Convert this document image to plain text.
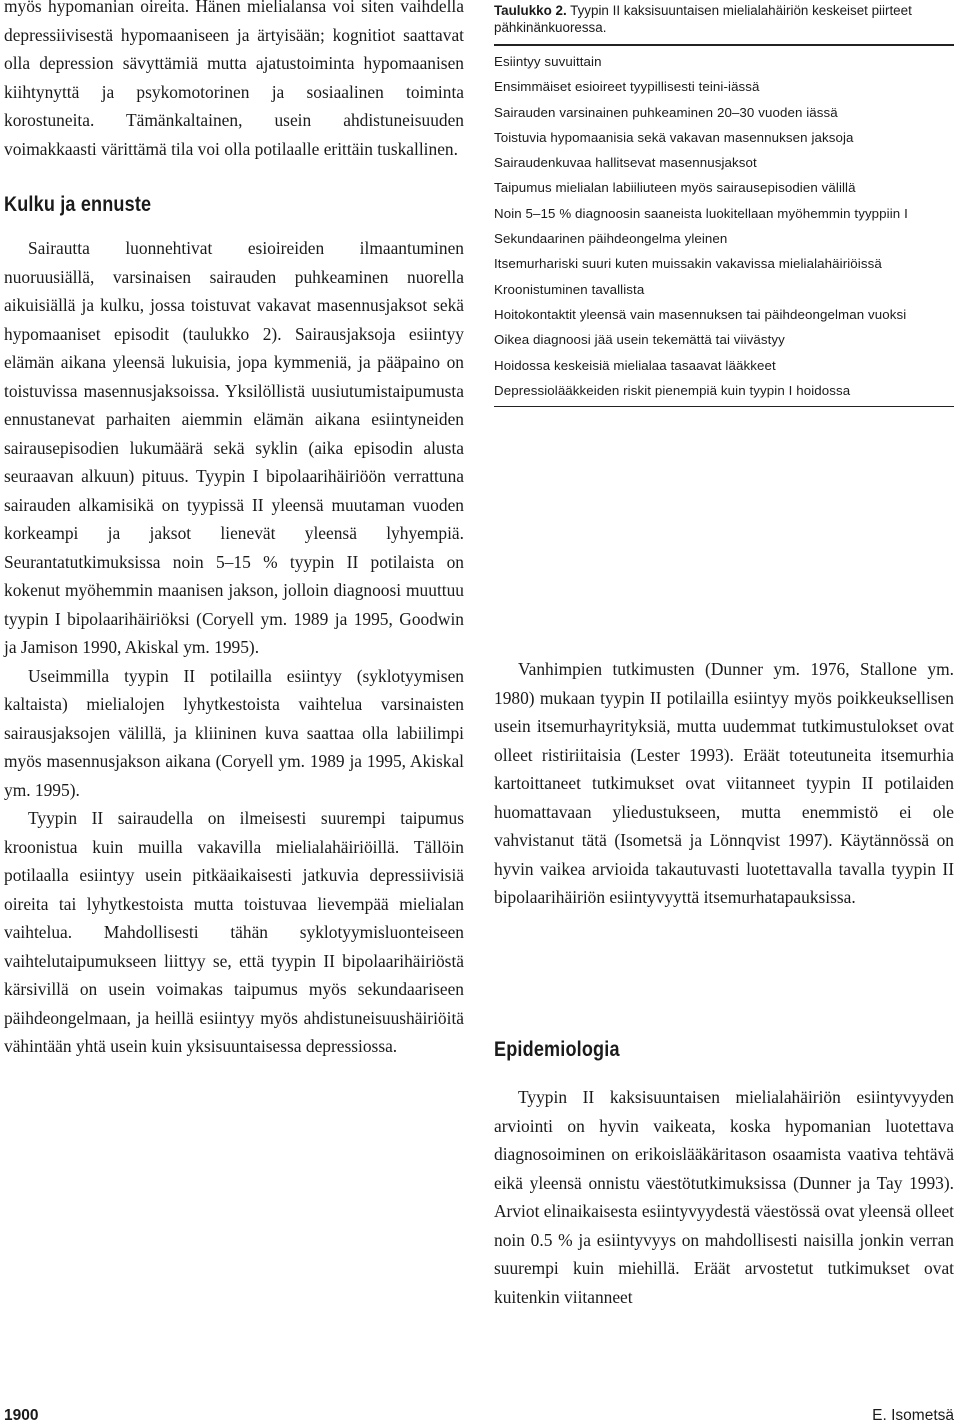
myös hypomanian oireita. Hänen mielialansa voi siten vaihdella depressiivisestä hypomaaniseen ja ärtyisään; kognitiot saattavat olla depression sävyttämiä mutta ajatustoiminta hypomaanisen kiihtynyttä ja psykomotorinen ja sosiaalinen toiminta korostuneita. Tämänkaltainen, usein ahdistuneisuuden voimakkaasti värittämä tila voi olla potilaalle erittäin tuskallinen.

Kulku ja ennuste

Sairautta luonnehtivat esioireiden ilmaantuminen nuoruusiällä, varsinaisen sairauden puhkeaminen nuorella aikuisiällä ja kulku, jossa toistuvat vakavat masennusjaksot sekä hypomaaniset episodit (taulukko 2). Sairausjaksoja esiintyy elämän aikana yleensä lukuisia, jopa kymmeniä, ja pääpaino on toistuvissa masennusjaksoissa. Yksilöllistä uusiutumistaipumusta ennustanevat parhaiten aiemmin elämän aikana esiintyneiden sairausepisodien lukumäärä sekä syklin (aika episodin alusta seuraavan alkuun) pituus. Tyypin I bipolaarihäiriöön verrattuna sairauden alkamisikä on tyypissä II yleensä muutaman vuoden korkeampi ja jaksot lienevät yleensä lyhyempiä. Seurantatutkimuksissa noin 5–15 % tyypin II potilaista on kokenut myöhemmin maanisen jakson, jolloin diagnoosi muuttuu tyypin I bipolaarihäiriöksi (Coryell ym. 1989 ja 1995, Goodwin ja Jamison 1990, Akiskal ym. 1995).

Useimmilla tyypin II potilailla esiintyy (syklotyymisen kaltaista) mielialojen lyhytkestoista vaihtelua varsinaisten sairausjaksojen välillä, ja kliininen kuva saattaa olla labiilimpi myös masennusjakson aikana (Coryell ym. 1989 ja 1995, Akiskal ym. 1995).

Tyypin II sairaudella on ilmeisesti suurempi taipumus kroonistua kuin muilla vakavilla mielialahäiriöillä. Tällöin potilaalla esiintyy usein pitkäaikaisesti jatkuvia depressiivisiä oireita tai lyhytkestoista mutta toistuvaa lievempää mielialan vaihtelua. Mahdollisesti tähän syklotyymisluonteiseen vaihtelutaipumukseen liittyy se, että tyypin II bipolaarihäiriöstä kärsivillä on usein voimakas taipumus myös sekundaariseen päihdeongelmaan, ja heillä esiintyy myös ahdistuneisuushäiriöitä vähintään yhtä usein kuin yksisuuntaisessa depressiossa.

Taulukko 2. Tyypin II kaksisuuntaisen mielialahäiriön keskeiset piirteet pähkinänkuoressa.

Esiintyy suvuittain
Ensimmäiset esioireet tyypillisesti teini-iässä
Sairauden varsinainen puhkeaminen 20–30 vuoden iässä
Toistuvia hypomaanisia sekä vakavan masennuksen jaksoja
Sairaudenkuvaa hallitsevat masennusjaksot
Taipumus mielialan labiiliuteen myös sairausepisodien välillä
Noin 5–15 % diagnoosin saaneista luokitellaan myöhemmin tyyppiin I
Sekundaarinen päihdeongelma yleinen
Itsemurhariski suuri kuten muissakin vakavissa mielialahäiriöissä
Kroonistuminen tavallista
Hoitokontaktit yleensä vain masennuksen tai päihdeongelman vuoksi
Oikea diagnoosi jää usein tekemättä tai viivästyy
Hoidossa keskeisiä mielialaa tasaavat lääkkeet
Depressiolääkkeiden riskit pienempiä kuin tyypin I hoidossa

Vanhimpien tutkimusten (Dunner ym. 1976, Stallone ym. 1980) mukaan tyypin II potilailla esiintyy myös poikkeuksellisen usein itsemurhayrityksiä, mutta uudemmat tutkimustulokset ovat olleet ristiriitaisia (Lester 1993). Eräät toteutuneita itsemurhia kartoittaneet tutkimukset ovat viitanneet tyypin II potilaiden huomattavaan yliedustukseen, mutta enemmistö ei ole vahvistanut tätä (Isometsä ja Lönnqvist 1997). Käytännössä on hyvin vaikea arvioida takautuvasti luotettavalla tavalla tyypin II bipolaarihäiriön esiintyvyyttä itsemurhatapauksissa.

Epidemiologia

Tyypin II kaksisuuntaisen mielialahäiriön esiintyvyyden arviointi on hyvin vaikeata, koska hypomanian luotettava diagnosoiminen on erikoislääkäritason osaamista vaativa tehtävä eikä yleensä onnistu väestötutkimuksissa (Dunner ja Tay 1993). Arviot elinaikaisesta esiintyvyydestä väestössä ovat yleensä olleet noin 0.5 % ja esiintyvyys on mahdollisesti naisilla jonkin verran suurempi kuin miehillä. Eräät arvostetut tutkimukset ovat kuitenkin viitanneet

1900	E. Isometsä
